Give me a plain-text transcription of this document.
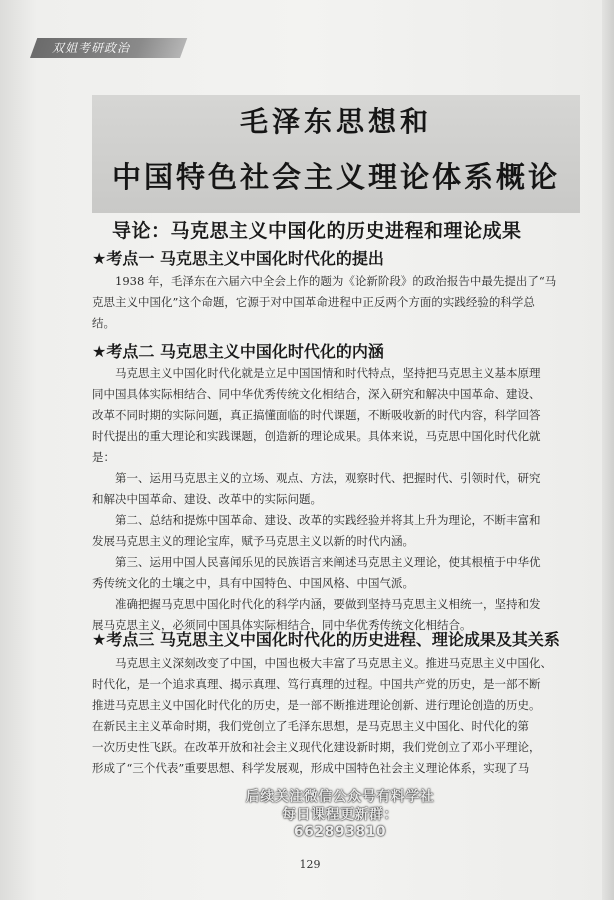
双姐考研政治
毛泽东思想和
中国特色社会主义理论体系概论
导论：马克思主义中国化的历史进程和理论成果
★考点一 马克思主义中国化时代化的提出
1938 年，毛泽东在六届六中全会上作的题为《论新阶段》的政治报告中最先提出了“马
克思主义中国化”这个命题，它源于对中国革命进程中正反两个方面的实践经验的科学总
结。
★考点二 马克思主义中国化时代化的内涵
马克思主义中国化时代化就是立足中国国情和时代特点，坚持把马克思主义基本原理
同中国具体实际相结合、同中华优秀传统文化相结合，深入研究和解决中国革命、建设、
改革不同时期的实际问题，真正搞懂面临的时代课题，不断吸收新的时代内容，科学回答
时代提出的重大理论和实践课题，创造新的理论成果。具体来说，马克思中国化时代化就
是：
第一、运用马克思主义的立场、观点、方法，观察时代、把握时代、引领时代，研究
和解决中国革命、建设、改革中的实际问题。
第二、总结和提炼中国革命、建设、改革的实践经验并将其上升为理论，不断丰富和
发展马克思主义的理论宝库，赋予马克思主义以新的时代内涵。
第三、运用中国人民喜闻乐见的民族语言来阐述马克思主义理论，使其根植于中华优
秀传统文化的土壤之中，具有中国特色、中国风格、中国气派。
准确把握马克思中国化时代化的科学内涵，要做到坚持马克思主义相统一，坚持和发
展马克思主义，必须同中国具体实际相结合，同中华优秀传统文化相结合。
★考点三 马克思主义中国化时代化的历史进程、理论成果及其关系
马克思主义深刻改变了中国，中国也极大丰富了马克思主义。推进马克思主义中国化、
时代化，是一个追求真理、揭示真理、笃行真理的过程。中国共产党的历史，是一部不断
推进马克思主义中国化时代化的历史，是一部不断推进理论创新、进行理论创造的历史。
在新民主主义革命时期，我们党创立了毛泽东思想，是马克思主义中国化、时代化的第
一次历史性飞跃。在改革开放和社会主义现代化建设新时期，我们党创立了邓小平理论，
形成了“三个代表”重要思想、科学发展观，形成中国特色社会主义理论体系，实现了马
后续关注微信公众号有料学社
每日课程更新群：662893810
129
